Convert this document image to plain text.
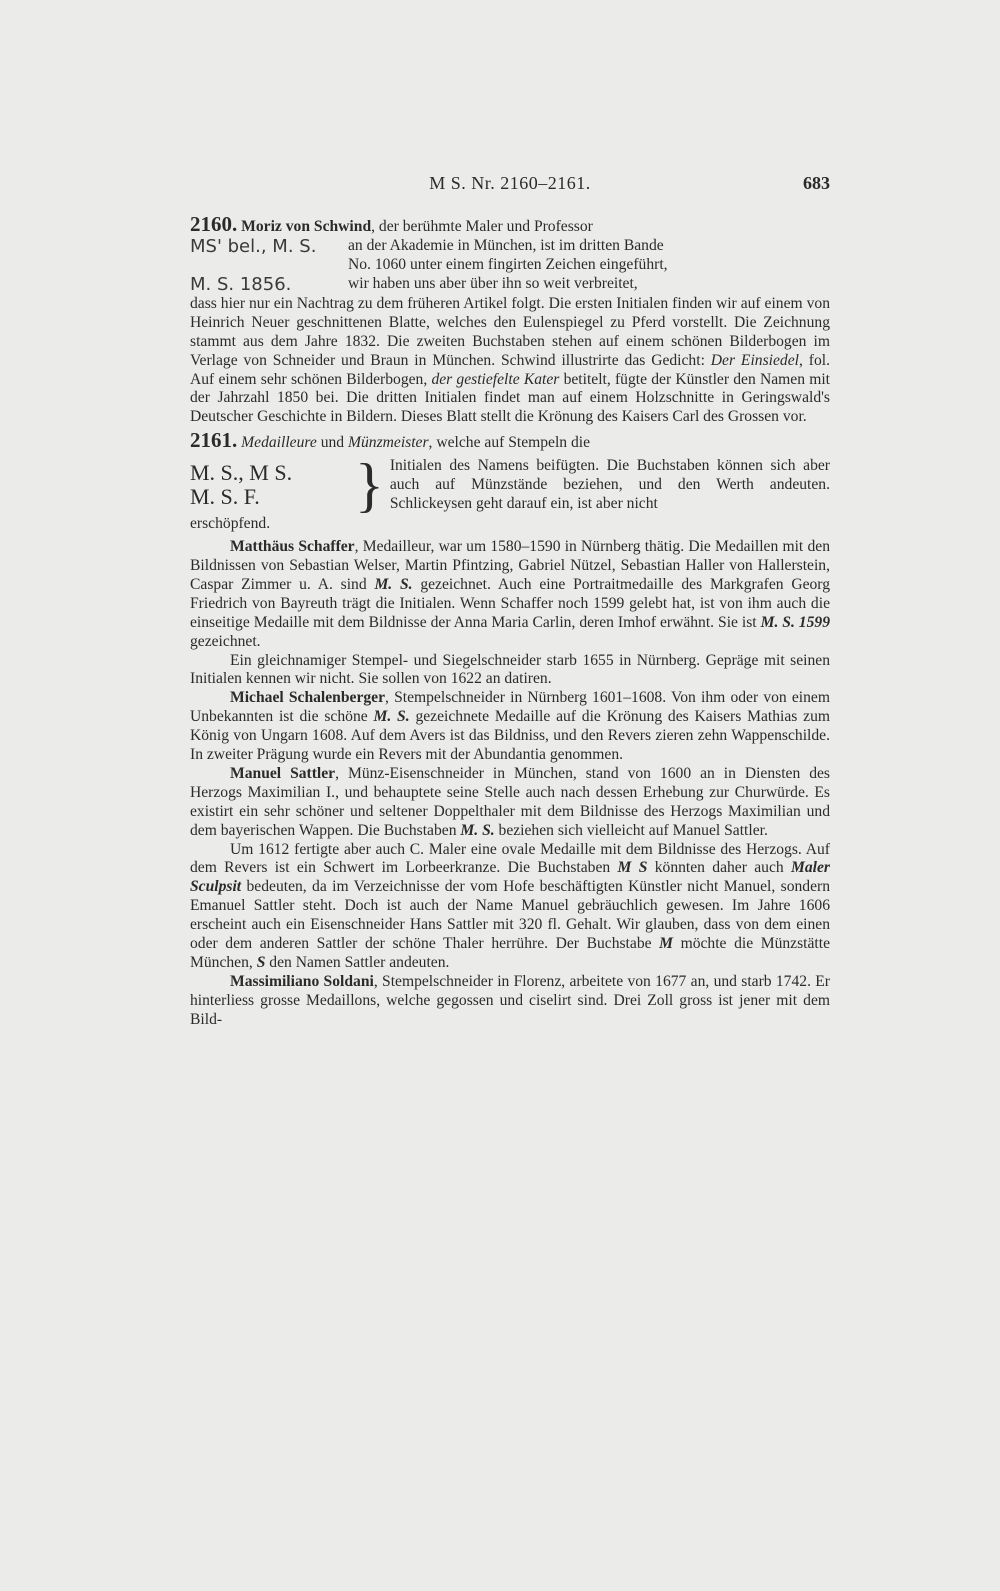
M S. Nr. 2160–2161.	683

2160. Moriz von Schwind, der berühmte Maler und Professor

MS' bel., M. S.
M. S. 1856.

an der Akademie in München, ist im dritten Bande

No. 1060 unter einem fingirten Zeichen eingeführt,

wir haben uns aber über ihn so weit verbreitet,

dass hier nur ein Nachtrag zu dem früheren Artikel folgt. Die ersten Initialen finden wir auf einem von Heinrich Neuer geschnittenen Blatte, welches den Eulenspiegel zu Pferd vorstellt. Die Zeichnung stammt aus dem Jahre 1832. Die zweiten Buchstaben stehen auf einem schönen Bilderbogen im Verlage von Schneider und Braun in München. Schwind illustrirte das Gedicht: Der Einsiedel, fol. Auf einem sehr schönen Bilderbogen, der gestiefelte Kater betitelt, fügte der Künstler den Namen mit der Jahrzahl 1850 bei. Die dritten Initialen findet man auf einem Holzschnitte in Geringswald's Deutscher Geschichte in Bildern. Dieses Blatt stellt die Krönung des Kaisers Carl des Grossen vor.

2161. Medailleure und Münzmeister, welche auf Stempeln die

M. S., M S.
M. S. F.	} Initialen des Namens beifügten. Die Buchstaben können sich aber auch auf Münzstände beziehen, und den Werth andeuten. Schlickeysen geht darauf ein, ist aber nicht

erschöpfend.

Matthäus Schaffer, Medailleur, war um 1580–1590 in Nürnberg thätig. Die Medaillen mit den Bildnissen von Sebastian Welser, Martin Pfintzing, Gabriel Nützel, Sebastian Haller von Hallerstein, Caspar Zimmer u. A. sind M. S. gezeichnet. Auch eine Portraitmedaille des Markgrafen Georg Friedrich von Bayreuth trägt die Initialen. Wenn Schaffer noch 1599 gelebt hat, ist von ihm auch die einseitige Medaille mit dem Bildnisse der Anna Maria Carlin, deren Imhof erwähnt. Sie ist M. S. 1599 gezeichnet.

Ein gleichnamiger Stempel- und Siegelschneider starb 1655 in Nürnberg. Gepräge mit seinen Initialen kennen wir nicht. Sie sollen von 1622 an datiren.

Michael Schalenberger, Stempelschneider in Nürnberg 1601–1608. Von ihm oder von einem Unbekannten ist die schöne M. S. gezeichnete Medaille auf die Krönung des Kaisers Mathias zum König von Ungarn 1608. Auf dem Avers ist das Bildniss, und den Revers zieren zehn Wappenschilde. In zweiter Prägung wurde ein Revers mit der Abundantia genommen.

Manuel Sattler, Münz-Eisenschneider in München, stand von 1600 an in Diensten des Herzogs Maximilian I., und behauptete seine Stelle auch nach dessen Erhebung zur Churwürde. Es existirt ein sehr schöner und seltener Doppelthaler mit dem Bildnisse des Herzogs Maximilian und dem bayerischen Wappen. Die Buchstaben M. S. beziehen sich vielleicht auf Manuel Sattler.

Um 1612 fertigte aber auch C. Maler eine ovale Medaille mit dem Bildnisse des Herzogs. Auf dem Revers ist ein Schwert im Lorbeerkranze. Die Buchstaben M S könnten daher auch Maler Sculpsit bedeuten, da im Verzeichnisse der vom Hofe beschäftigten Künstler nicht Manuel, sondern Emanuel Sattler steht. Doch ist auch der Name Manuel gebräuchlich gewesen. Im Jahre 1606 erscheint auch ein Eisenschneider Hans Sattler mit 320 fl. Gehalt. Wir glauben, dass von dem einen oder dem anderen Sattler der schöne Thaler herrühre. Der Buchstabe M möchte die Münzstätte München, S den Namen Sattler andeuten.

Massimiliano Soldani, Stempelschneider in Florenz, arbeitete von 1677 an, und starb 1742. Er hinterliess grosse Medaillons, welche gegossen und ciselirt sind. Drei Zoll gross ist jener mit dem Bild-
